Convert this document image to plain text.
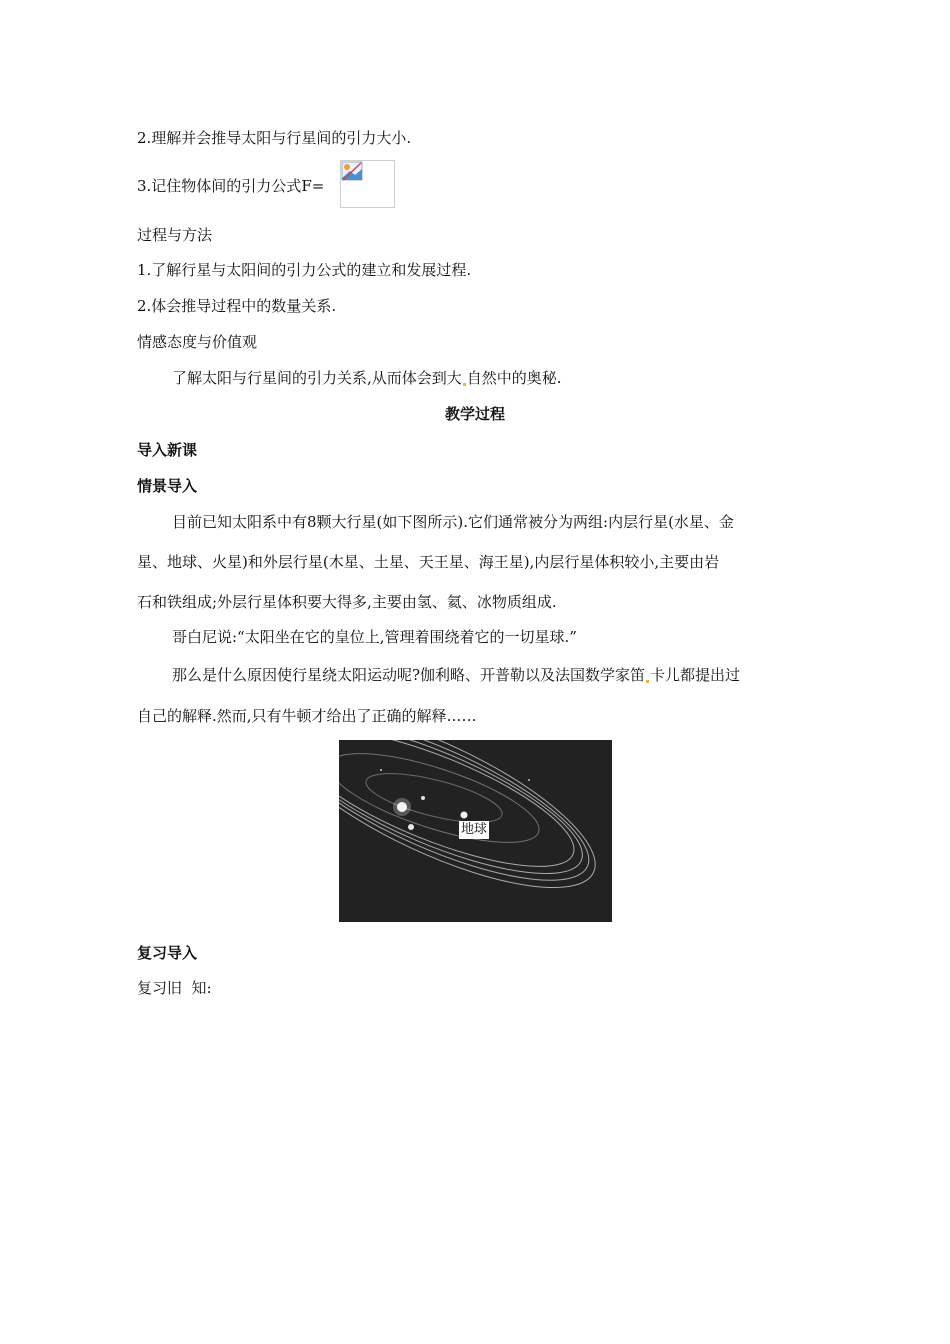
2.理解并会推导太阳与行星间的引力大小.
3.记住物体间的引力公式F=
过程与方法
1.了解行星与太阳间的引力公式的建立和发展过程.
2.体会推导过程中的数量关系.
情感态度与价值观
了解太阳与行星间的引力关系,从而体会到大 自然中的奥秘.
教学过程
导入新课
情景导入
目前已知太阳系中有8颗大行星(如下图所示).它们通常被分为两组:内层行星(水星、金
星、地球、火星)和外层行星(木星、土星、天王星、海王星),内层行星体积较小,主要由岩
石和铁组成;外层行星体积要大得多,主要由氢、氦、冰物质组成.
哥白尼说:“太阳坐在它的皇位上,管理着围绕着它的一切星球.”
那么是什么原因使行星绕太阳运动呢?伽利略、开普勒以及法国数学家笛 卡儿都提出过
自己的解释.然而,只有牛顿才给出了正确的解释……
地球
复习导入
复习旧  知:
